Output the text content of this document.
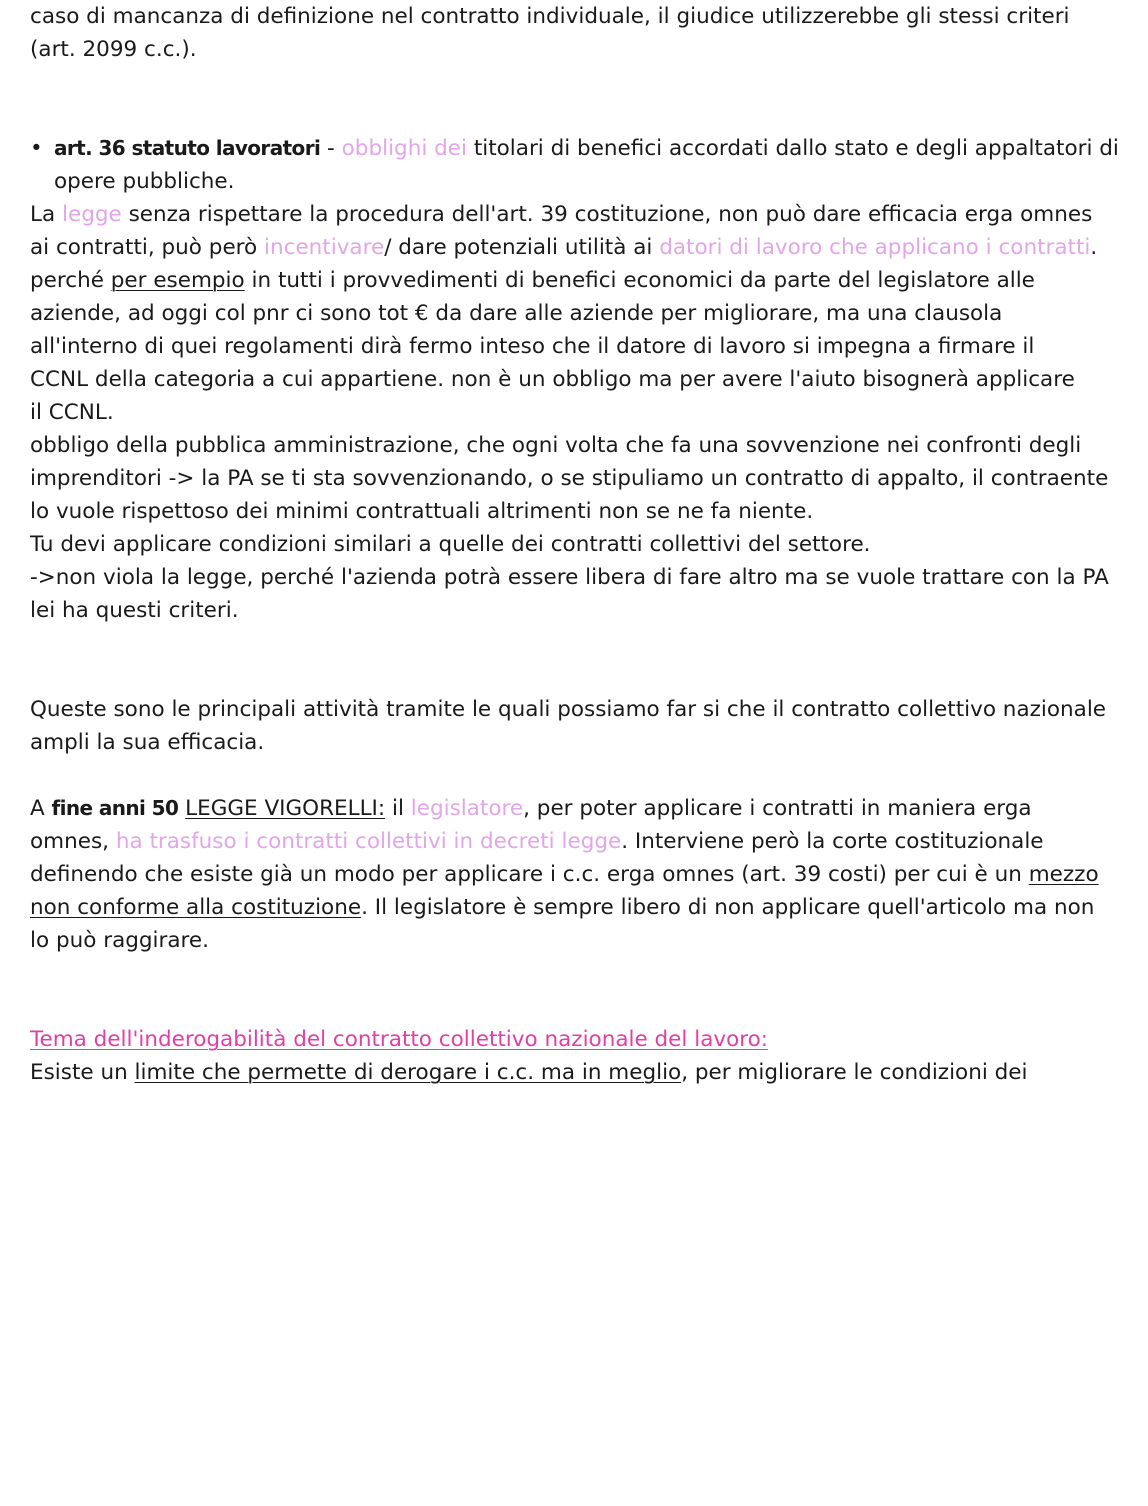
caso di mancanza di definizione nel contratto individuale, il giudice utilizzerebbe gli stessi criteri
(art. 2099 c.c.).
• art. 36 statuto lavoratori - obblighi dei titolari di benefici accordati dallo stato e degli appaltatori di
opere pubbliche.
La legge senza rispettare la procedura dell'art. 39 costituzione, non può dare efficacia erga omnes
ai contratti, può però incentivare/ dare potenziali utilità ai datori di lavoro che applicano i contratti.
perché per esempio in tutti i provvedimenti di benefici economici da parte del legislatore alle
aziende, ad oggi col pnr ci sono tot € da dare alle aziende per migliorare, ma una clausola
all'interno di quei regolamenti dirà fermo inteso che il datore di lavoro si impegna a firmare il
CCNL della categoria a cui appartiene. non è un obbligo ma per avere l'aiuto bisognerà applicare
il CCNL.
obbligo della pubblica amministrazione, che ogni volta che fa una sovvenzione nei confronti degli
imprenditori -> la PA se ti sta sovvenzionando, o se stipuliamo un contratto di appalto, il contraente
lo vuole rispettoso dei minimi contrattuali altrimenti non se ne fa niente.
Tu devi applicare condizioni similari a quelle dei contratti collettivi del settore.
->non viola la legge, perché l'azienda potrà essere libera di fare altro ma se vuole trattare con la PA
lei ha questi criteri.
Queste sono le principali attività tramite le quali possiamo far si che il contratto collettivo nazionale
ampli la sua efficacia.
A fine anni 50 LEGGE VIGORELLI: il legislatore, per poter applicare i contratti in maniera erga
omnes, ha trasfuso i contratti collettivi in decreti legge. Interviene però la corte costituzionale
definendo che esiste già un modo per applicare i c.c. erga omnes (art. 39 costi) per cui è un mezzo
non conforme alla costituzione. Il legislatore è sempre libero di non applicare quell'articolo ma non
lo può raggirare.
Tema dell'inderogabilità del contratto collettivo nazionale del lavoro:
Esiste un limite che permette di derogare i c.c. ma in meglio, per migliorare le condizioni dei
